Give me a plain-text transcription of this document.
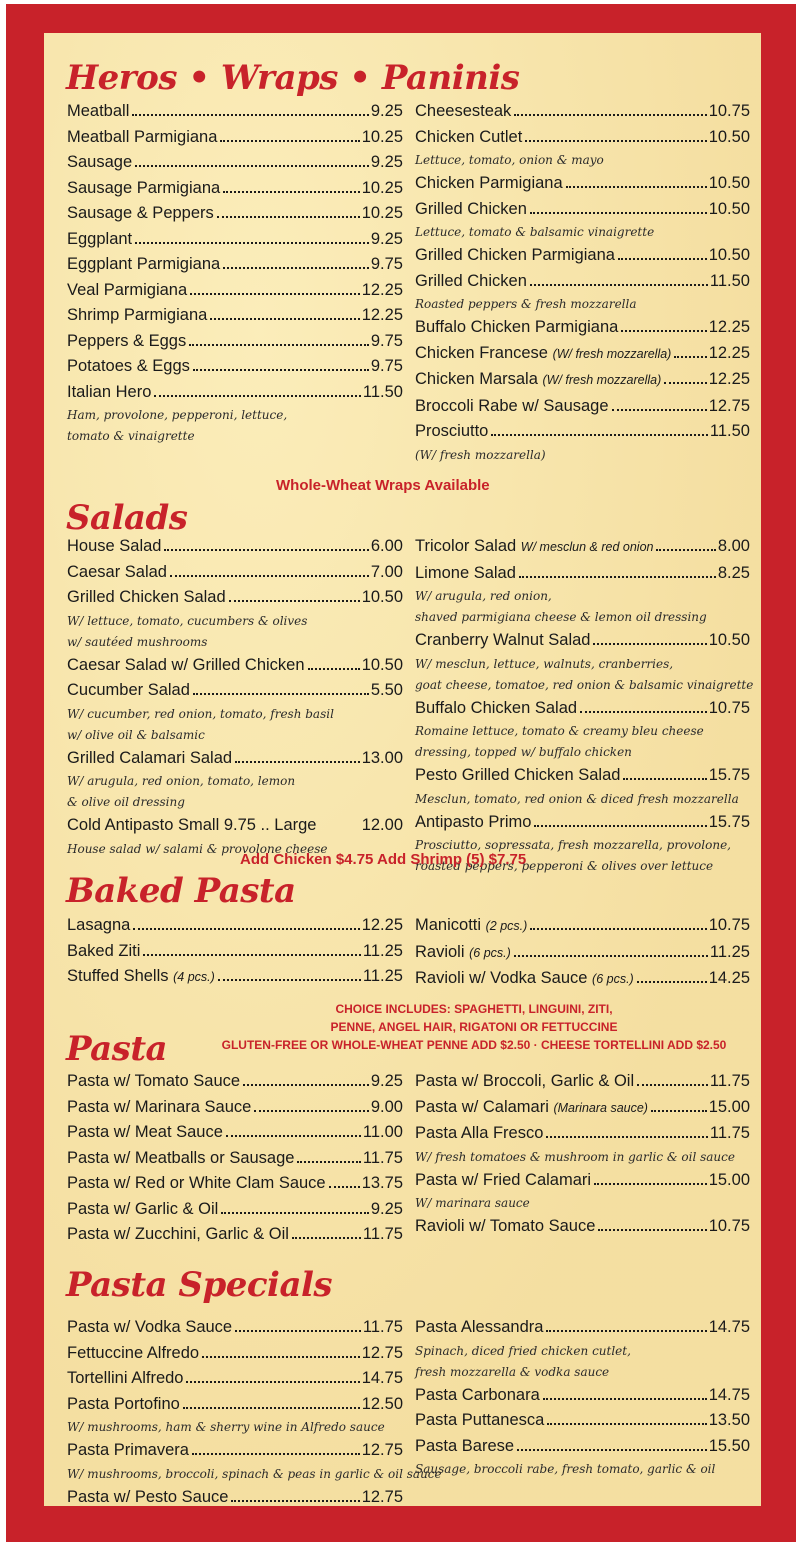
Heros • Wraps • Paninis
Meatball	9.25
Meatball Parmigiana	10.25
Sausage	9.25
Sausage Parmigiana	10.25
Sausage & Peppers	10.25
Eggplant	9.25
Eggplant Parmigiana	9.75
Veal Parmigiana	12.25
Shrimp Parmigiana	12.25
Peppers & Eggs	9.75
Potatoes & Eggs	9.75
Italian Hero	11.50
Ham, provolone, pepperoni, lettuce,
tomato & vinaigrette
Cheesesteak	10.75
Chicken Cutlet	10.50
Lettuce, tomato, onion & mayo
Chicken Parmigiana	10.50
Grilled Chicken	10.50
Lettuce, tomato & balsamic vinaigrette
Grilled Chicken Parmigiana	10.50
Grilled Chicken	11.50
Roasted peppers & fresh mozzarella
Buffalo Chicken Parmigiana	12.25
Chicken Francese (W/ fresh mozzarella) 12.25
Chicken Marsala (W/ fresh mozzarella)	12.25
Broccoli Rabe w/ Sausage	12.75
Prosciutto	11.50
(W/ fresh mozzarella)
Whole-Wheat Wraps Available
Salads
House Salad	6.00
Caesar Salad	7.00
Grilled Chicken Salad	10.50
W/ lettuce, tomato, cucumbers & olives
w/ sautéed mushrooms
Caesar Salad w/ Grilled Chicken	10.50
Cucumber Salad	5.50
W/ cucumber, red onion, tomato, fresh basil
w/ olive oil & balsamic
Grilled Calamari Salad	13.00
W/ arugula, red onion, tomato, lemon
& olive oil dressing
Cold Antipasto Small 9.75 .. Large	12.00
House salad w/ salami & provolone cheese
Tricolor Salad W/ mesclun & red onion	8.00
Limone Salad	8.25
W/ arugula, red onion,
shaved parmigiana cheese & lemon oil dressing
Cranberry Walnut Salad	10.50
W/ mesclun, lettuce, walnuts, cranberries,
goat cheese, tomatoe, red onion & balsamic vinaigrette
Buffalo Chicken Salad	10.75
Romaine lettuce, tomato & creamy bleu cheese
dressing, topped w/ buffalo chicken
Pesto Grilled Chicken Salad	15.75
Mesclun, tomato, red onion & diced fresh mozzarella
Antipasto Primo	15.75
Prosciutto, sopressata, fresh mozzarella, provolone,
roasted peppers, pepperoni & olives over lettuce
Add Chicken $4.75 Add Shrimp (5) $7.75
Baked Pasta
Lasagna	12.25
Baked Ziti	11.25
Stuffed Shells (4 pcs.)	11.25
Manicotti (2 pcs.)	10.75
Ravioli (6 pcs.)	11.25
Ravioli w/ Vodka Sauce (6 pcs.)	14.25
CHOICE INCLUDES: SPAGHETTI, LINGUINI, ZITI,
PENNE, ANGEL HAIR, RIGATONI OR FETTUCCINE
GLUTEN-FREE OR WHOLE-WHEAT PENNE ADD $2.50 · CHEESE TORTELLINI ADD $2.50
Pasta
Pasta w/ Tomato Sauce	9.25
Pasta w/ Marinara Sauce	9.00
Pasta w/ Meat Sauce	11.00
Pasta w/ Meatballs or Sausage	11.75
Pasta w/ Red or White Clam Sauce 13.75
Pasta w/ Garlic & Oil	9.25
Pasta w/ Zucchini, Garlic & Oil	11.75
Pasta w/ Broccoli, Garlic & Oil	11.75
Pasta w/ Calamari (Marinara sauce)	15.00
Pasta Alla Fresco	11.75
W/ fresh tomatoes & mushroom in garlic & oil sauce
Pasta w/ Fried Calamari	15.00
W/ marinara sauce
Ravioli w/ Tomato Sauce	10.75
Pasta Specials
Pasta w/ Vodka Sauce	11.75
Fettuccine Alfredo	12.75
Tortellini Alfredo	14.75
Pasta Portofino	12.50
W/ mushrooms, ham & sherry wine in Alfredo sauce
Pasta Primavera	12.75
W/ mushrooms, broccoli, spinach & peas in garlic & oil sauce
Pasta w/ Pesto Sauce	12.75
Pasta Alessandra	14.75
Spinach, diced fried chicken cutlet,
fresh mozzarella & vodka sauce
Pasta Carbonara	14.75
Pasta Puttanesca	13.50
Pasta Barese	15.50
Sausage, broccoli rabe, fresh tomato, garlic & oil
